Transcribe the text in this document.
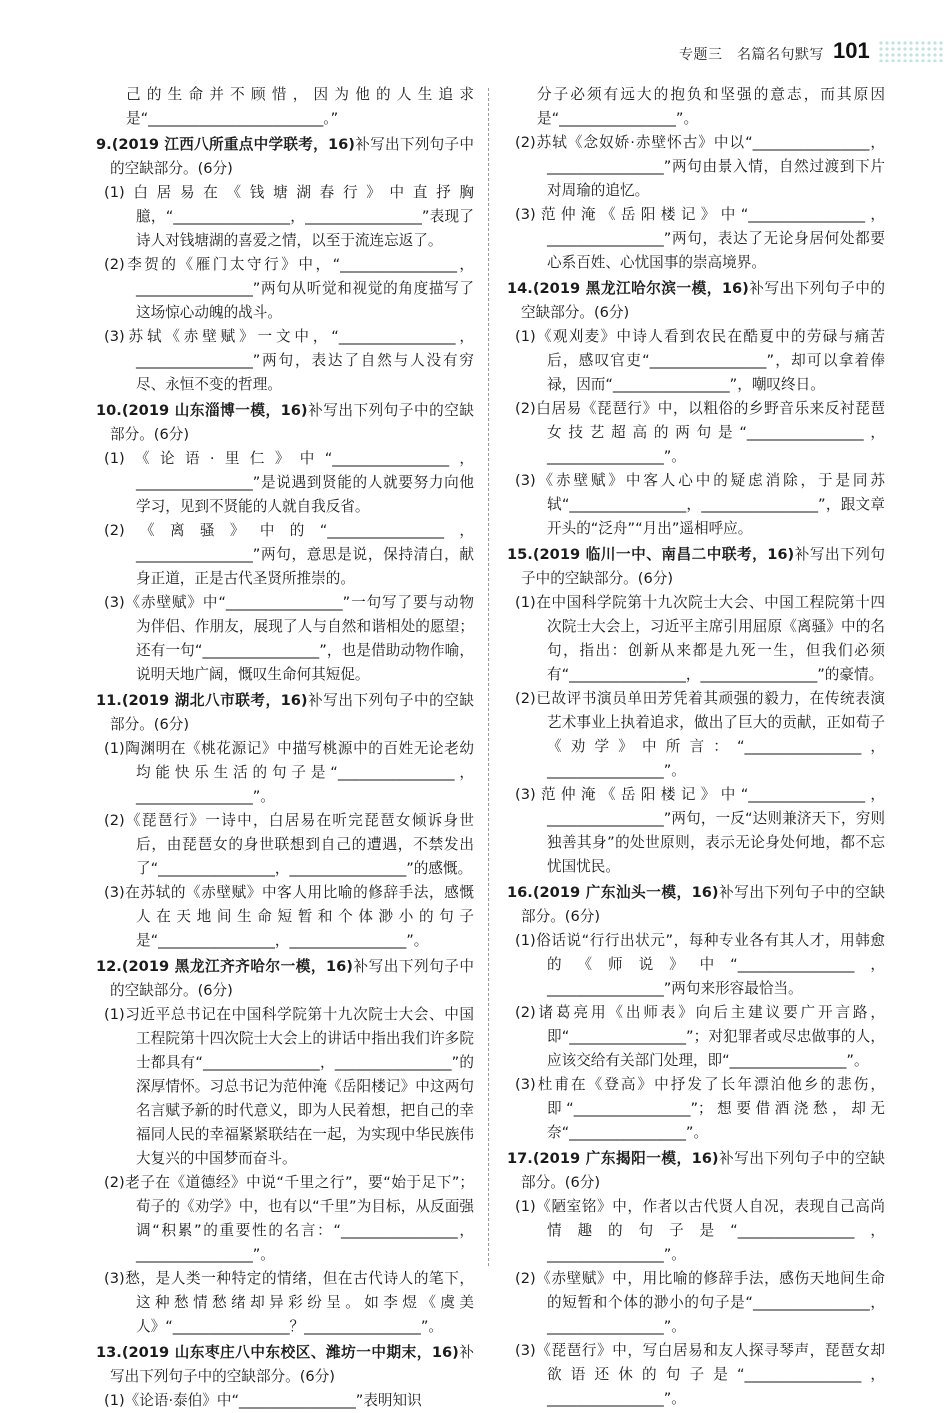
专题三　名篇名句默写 101

己的生命并不顾惜，因为他的人生追求是“________________________。”

9.(2019 江西八所重点中学联考，16)补写出下列句子中的空缺部分。(6分)

(1)白居易在《钱塘湖春行》中直抒胸臆，“________________，________________”表现了诗人对钱塘湖的喜爱之情，以至于流连忘返了。

(2)李贺的《雁门太守行》中，“________________，________________”两句从听觉和视觉的角度描写了这场惊心动魄的战斗。

(3)苏轼《赤壁赋》一文中，“________________，________________”两句，表达了自然与人没有穷尽、永恒不变的哲理。

10.(2019 山东淄博一模，16)补写出下列句子中的空缺部分。(6分)

(1)《论语·里仁》中“________________，________________”是说遇到贤能的人就要努力向他学习，见到不贤能的人就自我反省。

(2)《离骚》中的“________________，________________”两句，意思是说，保持清白，献身正道，正是古代圣贤所推崇的。

(3)《赤壁赋》中“________________”一句写了要与动物为伴侣、作朋友，展现了人与自然和谐相处的愿望；还有一句“________________”，也是借助动物作喻，说明天地广阔，慨叹生命何其短促。

11.(2019 湖北八市联考，16)补写出下列句子中的空缺部分。(6分)

(1)陶渊明在《桃花源记》中描写桃源中的百姓无论老幼均能快乐生活的句子是“________________，________________”。

(2)《琵琶行》一诗中，白居易在听完琵琶女倾诉身世后，由琵琶女的身世联想到自己的遭遇，不禁发出了“________________，________________”的感慨。

(3)在苏轼的《赤壁赋》中客人用比喻的修辞手法，感慨人在天地间生命短暂和个体渺小的句子是“________________，________________”。

12.(2019 黑龙江齐齐哈尔一模，16)补写出下列句子中的空缺部分。(6分)

(1)习近平总书记在中国科学院第十九次院士大会、中国工程院第十四次院士大会上的讲话中指出我们许多院士都具有“________________，________________”的深厚情怀。习总书记为范仲淹《岳阳楼记》中这两句名言赋予新的时代意义，即为人民着想，把自己的幸福同人民的幸福紧紧联结在一起，为实现中华民族伟大复兴的中国梦而奋斗。

(2)老子在《道德经》中说“千里之行”，要“始于足下”；荀子的《劝学》中，也有以“千里”为目标，从反面强调“积累”的重要性的名言：“________________，________________”。

(3)愁，是人类一种特定的情绪，但在古代诗人的笔下，这种愁情愁绪却异彩纷呈。如李煜《虞美人》“________________？________________”。

13.(2019 山东枣庄八中东校区、潍坊一中期末，16)补写出下列句子中的空缺部分。(6分)

(1)《论语·泰伯》中“________________”表明知识

分子必须有远大的抱负和坚强的意志，而其原因是“________________”。

(2)苏轼《念奴娇·赤壁怀古》中以“________________，________________”两句由景入情，自然过渡到下片对周瑜的追忆。

(3)范仲淹《岳阳楼记》中“________________，________________”两句，表达了无论身居何处都要心系百姓、心忧国事的崇高境界。

14.(2019 黑龙江哈尔滨一模，16)补写出下列句子中的空缺部分。(6分)

(1)《观刈麦》中诗人看到农民在酷夏中的劳碌与痛苦后，感叹官吏“________________”，却可以拿着俸禄，因而“________________”，嘲叹终日。

(2)白居易《琵琶行》中，以粗俗的乡野音乐来反衬琵琶女技艺超高的两句是“________________，________________”。

(3)《赤壁赋》中客人心中的疑虑消除，于是同苏轼“________________，________________”，跟文章开头的“泛舟”“月出”遥相呼应。

15.(2019 临川一中、南昌二中联考，16)补写出下列句子中的空缺部分。(6分)

(1)在中国科学院第十九次院士大会、中国工程院第十四次院士大会上，习近平主席引用屈原《离骚》中的名句，指出：创新从来都是九死一生，但我们必须有“________________，________________”的豪情。

(2)已故评书演员单田芳凭着其顽强的毅力，在传统表演艺术事业上执着追求，做出了巨大的贡献，正如荀子《劝学》中所言：“________________，________________”。

(3)范仲淹《岳阳楼记》中“________________，________________”两句，一反“达则兼济天下，穷则独善其身”的处世原则，表示无论身处何地，都不忘忧国忧民。

16.(2019 广东汕头一模，16)补写出下列句子中的空缺部分。(6分)

(1)俗话说“行行出状元”，每种专业各有其人才，用韩愈的《师说》中“________________，________________”两句来形容最恰当。

(2)诸葛亮用《出师表》向后主建议要广开言路，即“________________”；对犯罪者或尽忠做事的人，应该交给有关部门处理，即“________________”。

(3)杜甫在《登高》中抒发了长年漂泊他乡的悲伤，即“________________”；想要借酒浇愁，却无奈“________________”。

17.(2019 广东揭阳一模，16)补写出下列句子中的空缺部分。(6分)

(1)《陋室铭》中，作者以古代贤人自况，表现自己高尚情趣的句子是“________________，________________”。

(2)《赤壁赋》中，用比喻的修辞手法，感伤天地间生命的短暂和个体的渺小的句子是“________________，________________”。

(3)《琵琶行》中，写白居易和友人探寻琴声，琵琶女却欲语还休的句子是“________________，________________”。
